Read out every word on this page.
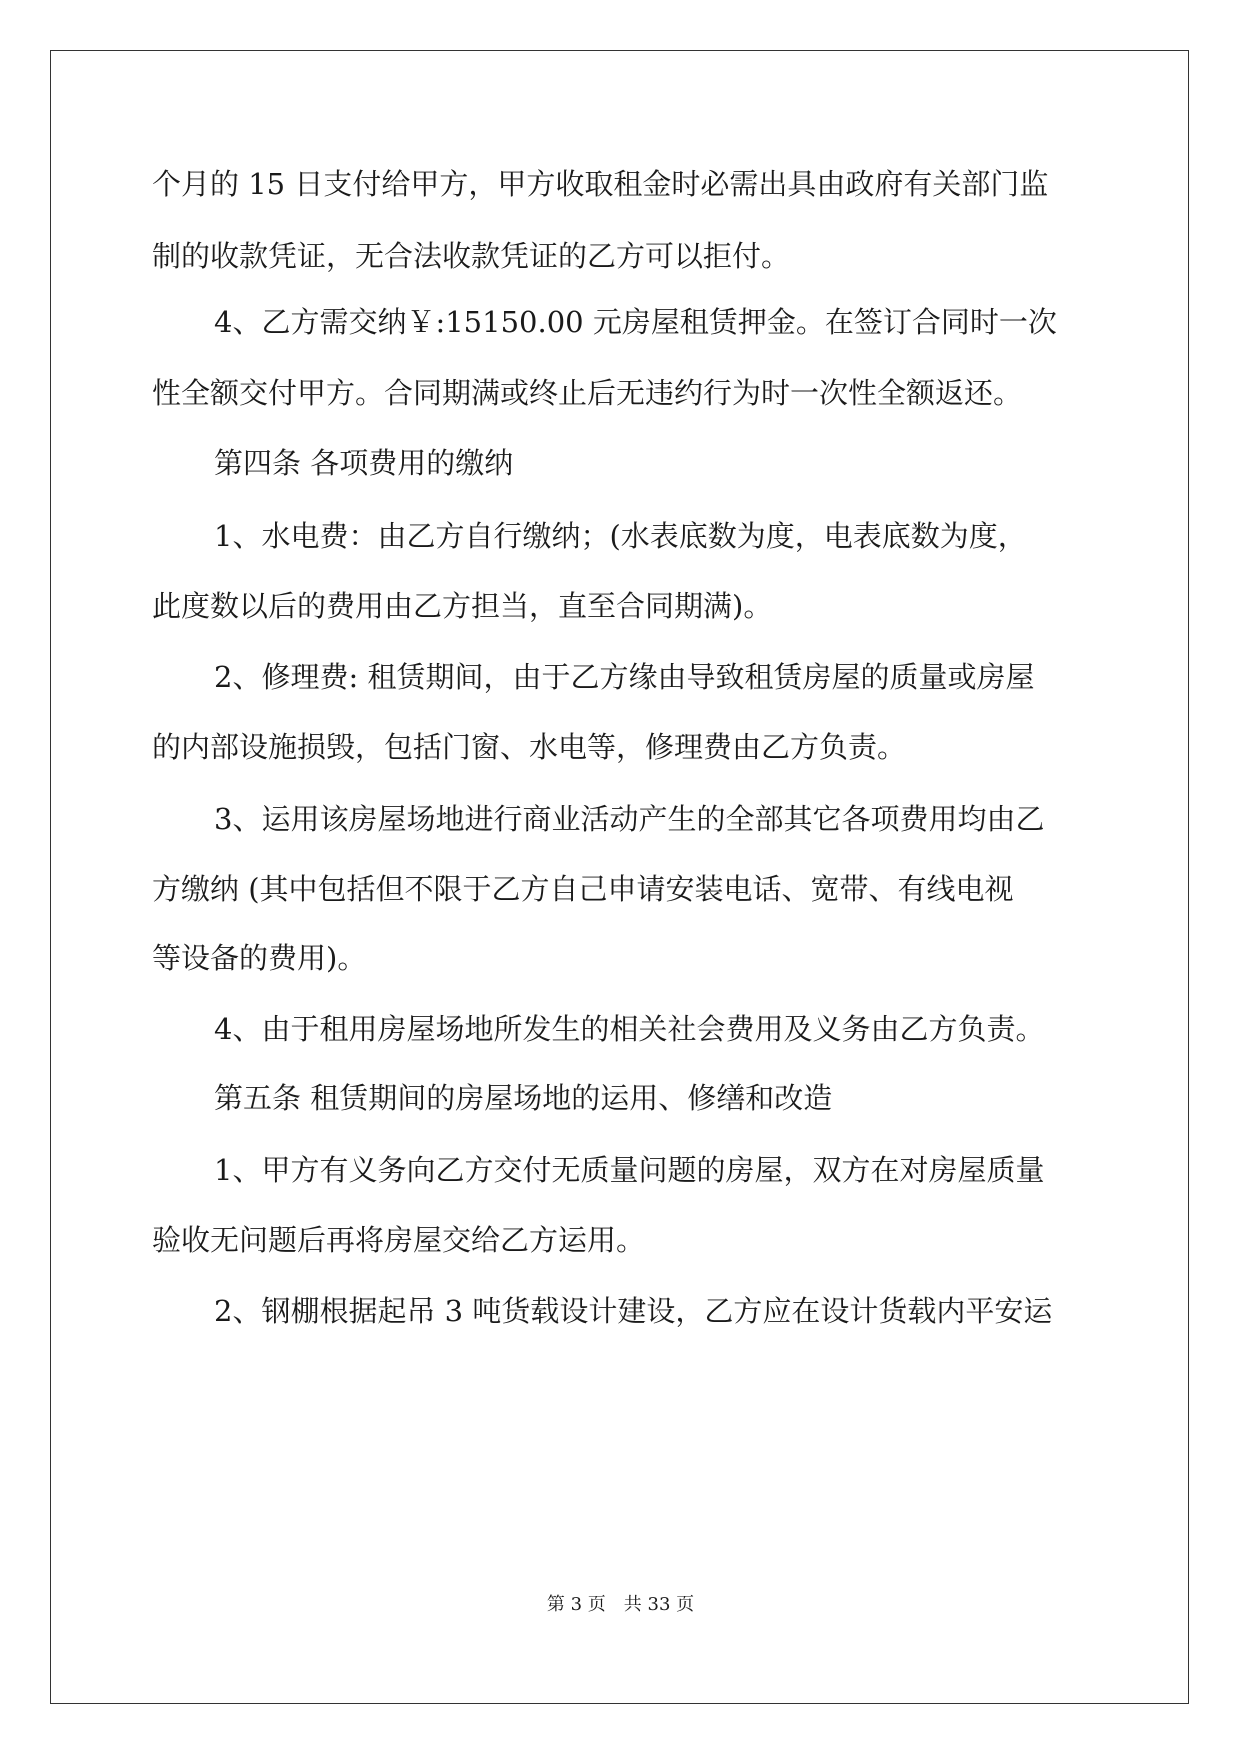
个月的 15 日支付给甲方，甲方收取租金时必需出具由政府有关部门监
制的收款凭证，无合法收款凭证的乙方可以拒付。
4、乙方需交纳￥:15150.00 元房屋租赁押金。在签订合同时一次
性全额交付甲方。合同期满或终止后无违约行为时一次性全额返还。
第四条 各项费用的缴纳
1、水电费：由乙方自行缴纳；(水表底数为度，电表底数为度，
此度数以后的费用由乙方担当，直至合同期满)。
2、修理费: 租赁期间，由于乙方缘由导致租赁房屋的质量或房屋
的内部设施损毁，包括门窗、水电等，修理费由乙方负责。
3、运用该房屋场地进行商业活动产生的全部其它各项费用均由乙
方缴纳 (其中包括但不限于乙方自己申请安装电话、宽带、有线电视
等设备的费用)。
4、由于租用房屋场地所发生的相关社会费用及义务由乙方负责。
第五条 租赁期间的房屋场地的运用、修缮和改造
1、甲方有义务向乙方交付无质量问题的房屋，双方在对房屋质量
验收无问题后再将房屋交给乙方运用。
2、钢棚根据起吊 3 吨货载设计建设，乙方应在设计货载内平安运
第 3 页　共 33 页
